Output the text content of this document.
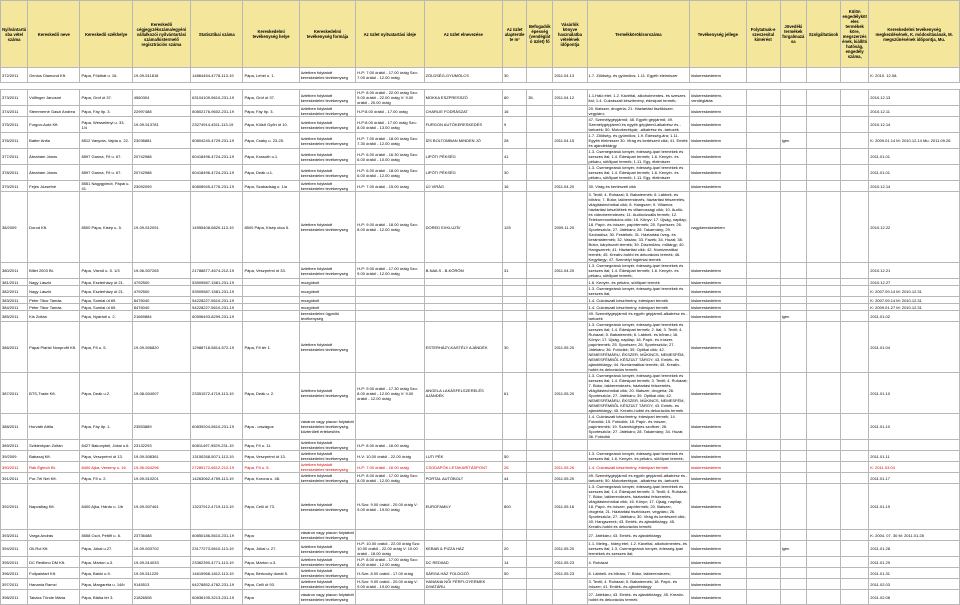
Nyilvántartásba vétel száma	Kereskedő neve	Kereskedő székhelye	Kereskedő cégjegyzékszáma/egyéni vállalkozói nyilvántartási száma/kistermelő regisztrációs száma	Statisztikai száma	Kereskedelmi tevékenység helye	Kereskedelmi tevékenység formája	Az üzlet nyitvatartási ideje	Az üzlet elnevezése	Az üzlet alapterülete m²	Befogadóképesség (vendéglátó üzlet) fő	Vásárlók könyve használatba vételének időpontja	Termékkörök/sorszáma	Tevékenység jellege	Folytatnak-e szeszesital kimérést	Jövedéki termékek forgalmazása	Szolgáltatások	Külön engedélyköteles termékek köre, megszerzésének, kiállító hatóság, engedély száma,	Kereskedelmi tevékenység megkezdésének, K. módosításának, M. megszűnésének időpontja, Mu.
372/2011	Genius Diamond Kft.	Pápa, Földhát u. 16.	19-09-511818	14864454-4778-113-19	Pápa, Lehel u. 1.	üzletben folytatott kereskedelmi tevékenység	H-P: 7:00 órától - 17.00 óráig Szo: 7.00 órától - 12.00 óráig	ZÖLDSÉG-GYÜMÖLCS	30		2011.04.13	1.7. Zöldség- és gyümölcs; 1.11. Egyéb élelmiszer	kiskereskedelem					K: 2010. 12.08.

373/2011	Vólfinger Jánosné	Pápa, Gróf út 37.	4560304	63104109-5610-231-19	Pápa, Gróf út 37.	üzletben folytatott kereskedelmi tevékenység	H-P: 8.00 órától - 22.00 óráig Szo: 9.00 órától - 22.00 óráig V: 9.00 órától - 20.00 óráig	MOKKA ESZPRESSZÓ	80	35.	2011.04.12	1.1.Háló étel; 1.2. Kávéital, alkoholmentes- és szeszes ital; 1.4. Cukrászati készítmény, édesipari termék;	kiskereskedelem, vendéglátás					2010.12.13
374/2011	Stemmerné Gaszi Andrea	Pápa, Fáy ltp. 3.	22997488	60802176-9602-231-19	Pápa, Fáy ltp. 3.	üzletben folytatott kereskedelmi tevékenység	H-P:8.00 órától - 17.00 óráig	CHARLIE FODRÁSZAT	16			20. Illatszer, drogéria; 21. Háztartási tisztítószer, vegyiáru;	kiskereskedelem					2010.12.11
375/2011	Furgon-Autó Kft.	Pápa, Wesselényi u. 33. 1/4	19-09-513781	23274914-4511-113-19	Pápa, Külső Győri út 10.	üzletben folytatott kereskedelmi tevékenység	H-P:8.00 órától - 17.00 óráig Szo: 8.00 órától - 13.00 óráig	FURGON AUTÓKERESKEDÉS	9			47. Személygépjármű; 48. Egyéb gépjármű; 49. Személygépjármű és egyéb gépjármű-alkatrész és -tartozék; 50. Motorkerékpár, -alkatrész és -tartozék	kiskereskedelem					2010.12.14
376/2011	Batter Anita	8512 Vanyola, Vajda u. 22.	23036881	60804240-4729-231-19	Pápa, Csáky u. 23-25.	üzletben folytatott kereskedelmi tevékenység	H-P: 7.00 órától - 18.00 óráig Szo: 7.30 órától - 12.00 óráig	ÍZS BOLTOMBAN MINDEN JÓ	28		2011.04.15	1.7. Zöldség- és gyümölcs; 1.9. Édesség-ára; 1.11. Egyéb élelmiszer 30. Virág és kertészeti cikk; 41. Emlék és ajándéktárgy	kiskereskedelem		igen			K: 2009.01.14 M: 2010.12.14 Mu: 2011.09.26
377/2011	Ábrahám János	8597 Ganna, Fő u. 67.	20742988	60418496-4724-231-19	Pápa, Kossuth u.1.	üzletben folytatott kereskedelmi tevékenység	H-P: 6.00 órától - 16.30 óráig Szo: 6.00 órától - 10.00 óráig	LIPÓTI PÉKSÉG	41			1.3. Csemegeáruk kenyér, édesség-ipari termékek és szeszes ital; 1.4. Édesipari termék; 1.6. Kenyér- és pékáru, sütőipari termék; 1.11. Egy. élelmiszer	kiskereskedelem					2011.01.01
378/2011	Ábrahám János	8597 Ganna, Fő u. 67.	20742988	60418496-4724-231-19	Pápa, Deák u.1.	üzletben folytatott kereskedelmi tevékenység	H-P: 6.00 órától - 18.00 óráig Szo: 6.00 órától - 12.00 óráig	LIPÓTI PÉKSÉG	30			1.3. Csemegeáruk kenyér, édesség-ipari termékek és szeszes ital; 1.4. Édesipari termék; 1.6. Kenyér- és pékáru, sütőipari termék; 1.11. Egy. élelmiszer	kiskereskedelem					2011.01.01
379/2011	Fejes Józsefné	8551 Nagygyimót, Pápai u. 41.	23092099	60808945-4776-231-19	Pápa, Szabadság u. 1/a	üzletben folytatott kereskedelmi tevékenység	H-P: 7.00 órától - 15.00 óráig	ÚJ VIRÁG	16		2011.04.20	30. Virág és kertészeti cikk	kiskereskedelem					2010.12.14
38/2009	Dorod Kft.	8500 Pápa, Kisép u. 5.	19-09-512091	14955408-6820-113-19	8500 Pápa, Kisép utca 5.	üzletben folytatott kereskedelmi tevékenység	H-P: 9.00 órától - 18.00 óráig Szo: 8.00 órától - 12.00 óráig	DORED EXKLUZÍV	125		2009.11.20	3. Textil; 4. Ruházat; 5. Babatermék; 6. Lábbeli- és bőráru; 7. Bútor, lakberendezés, háztartási felszerelés, világítástechnikai cikk; 8. Hangszer; 9. Villamos háztartási készülékek és villamossági cikk; 10. Audió- és videoberendezés; 11. Audiovizuális termék; 12. Telekommunikációs cikk; 16. Könyv; 17. Újság, napilap; 18. Papír- és írószer, papírtermék; 25. Sportszer; 26. Sporteszköz; 27. Játékáru; 28. Takarmány; 29. Szobadísz; 30. Festékek; 31. Háztartási üveg- és kerámiatermék; 32. Vasáru; 33. Fazék; 34. Huzal; 38. Bútor, kárpitozott termék; 39. Díszműáru, műtárgy; 40. Hangszerek; 41. Háztartási cikk; 42. Numizmatikai termék; 45. Kreatív-hobbi és dekorációs termék; 46. Kegytárgy; 47. Személyi higiéniai termék	nagykereskedelem					2010.12.22
380/2011	Billet 2003 Bt.	Pápa, Vismű u. 5. 1/3	19-06-507265	21788877-4674-212-19	Pápa, Veszprémi út 33.	üzletben folytatott kereskedelmi tevékenység	H-P: 9.00 órától - 17.00 óráig Szo: 9.00 órától - 12.00 óráig	B-NAILS - B-KÖRÖM	31		2011.04.20	1.3. Csemegeáruk kenyér, édesség-ipari termékek és szeszes ital; 1.4. Édesipari termék; 1.6. Kenyér- és pékáru, sütőipari termék;	kiskereskedelem					2010.12.21
381/2011	Nagy László	Pápa, Eszterházy út 21.	4792500	53909587-1581-231-19		mozgóbolt						1.6. Kenyér- és pékáru, sütőipari termék	kiskereskedelem					2010.12.27
382/2011	Nagy László	Pápa, Eszterházy út 21.	4792500	53909587-1581-231-19		mozgóbolt						1.3. Csemegeáruk kenyér, édesség-ipari termékek és szeszes ital;	kiskereskedelem					K: 2007.09.14 M: 2010.12.31
383/2011	Péter Tibor Tamás	Pápa, Somlai út 69.	8476040	54228227-5610-231-19		mozgóbolt						1.4. Cukrászati készítmény, édesipari termék	kiskereskedelem					K: 2007.09.14 M: 2010.12.31
384/2011	Péter Tibor Tamás	Pápa, Somlai út 69.	8476040	54228227-5610-231-19		mozgóbolt						1.4. Cukrászati készítmény, édesipari termék	kiskereskedelem					K: 2009.01.27 M: 2010.12.31
385/2011	Kis Zoltán	Pápa, Nyárádi u. 2.	21669884	60596493-8299-231-19		kereskedelmi ügynöki tevékenység						49. Személygépjármű és egyéb gépjármű-alkatrész és -tartozék	kiskereskedelem		igen			2011.01.02
386/2011	Pápai Piarist Nonprofit Kft.	Pápa, Fő u. 5.	19-09-506820	12988718-5814-572-19	Pápa, Fő tér 1.	üzletben folytatott kereskedelmi tevékenység		ESTERHÁZY-KASTÉLY AJÁNDÉK	30		2011.05.20	1.3. Csemegeáruk kenyér, édesség-ipari termékek és szeszes ital; 1.4. Édesipari termék; 2. Ital; 3. Textil; 4. Ruházat; 5. Babatermék; 6. Lábbeli- és bőráru; 16. Könyv; 17. Újság, napilap; 18. Papír- és írószer, papírtermék; 25. Sportszer; 26. Sporteszköz; 27. Játékáru; 36. Fotócikk; 39. Optikai cikk; 42. NEMESFÉMÁRU, ÉKSZER, MŰKINCS, NEMESFÉM, NEMESFÉMBŐL KÉSZÜLT TÁRGY; 43. Emlék- és ajándéktárgy; 44. Numizmatikai termék; 45. Kreatív-hobbi és dekorációs termék	kiskereskedelem					2011.01.04
387/2011	BTS-Trade Kft.	Pápa, Deák u.2.	19-08-504007	23351572-4719-113-19	Pápa, Deák u. 2.	üzletben folytatott kereskedelmi tevékenység	H-P: 9.00 órától - 17.30 óráig Szo: 8.00 órától - 12.00 óráig V: 9.00 órától - 12.00 óráig	ANGELA LAKÁSFELSZERELÉS AJÁNDÉK	61		2011.05.20	1.3. Csemegeáruk kenyér, édesség-ipari termékek és szeszes ital; 1.4. Édesipari termék; 3. Textil; 4. Ruházat; 7. Bútor, lakberendezés, háztartási felszerelés, világítástechnikai cikk; 20. Illatszer, drogéria; 26. Sporteszköz; 27. Játékáru; 39. Optikai cikk; 42. NEMESFÉMÁRU, ÉKSZER, MŰKINCS, NEMESFÉM, NEMESFÉMBŐL KÉSZÜLT TÁRGY; 43. Emlék- és ajándéktárgy; 45. Kreatív-hobbi és dekorációs termék	kiskereskedelem					2011.01.10
388/2011	Horváth Attila	Pápa, Fáy ltp. 1.	23553889	60839204-5610-231-19	Pápa - országos	vásáron vagy piacon folytatott kereskedelmi tevékenység, közterületi értékesítés						1.4. Cukrászati készítmény, édesipari termék; 14. Fotócikk; 15. Fotócikk; 18. Papír- és írószer, papírtermék; 19. Számítógépes szoftver; 26. Sporteszköz; 27. Játékáru; 28. Takarmány; 34. Huzal; 36. Fotócikk	kiskereskedelem					2011.01.10
389/2011	Sziklenkyan Zoltán	8427 Bakonybél, Jókai u.6.	23132293	60811497-9529-231-19	Pápa, Fő u. 11.	üzletben folytatott kereskedelmi tevékenység	H-P: 8.00 órától - 16.00 óráig						kiskereskedelem					
39/2009	Babaxaj Kft.	Pápa, Veszprémi út 13.	19-09-508361	13150268-5071-113-19	Pápa, Veszprémi út 13.	üzletben folytatott kereskedelmi tevékenység	H-V: 10.00 órától - 22.00 óráig	LUTI PÉK	50			1.3. Csemegeáruk kenyér, édesség-ipari termékek és szeszes ital; 1.6. Kenyér- és pékáru, sütőipari termék;	kiskereskedelem					2011.01.11
390/2011	Rák Égtech Bt.	8400 Ajka, Verseny u. 16	19-06-504296	27289172-6612-212-19	Pápa, Fő u. 5.	üzletben folytatott kereskedelmi tevékenység	H-P: 7.00 órától - 16.00 óráig	CSODAPÓK LETAKARÍTÁSPONT	26		2011.05.26	1.4. Cukrászati készítmény, édesipari termék	kiskereskedelem					K: 2011.03.04
391/2011	Por-Tél Net Kft.	Pápa, Fő u. 2.	19-09-510201	14263062-4759-113-19	Pápa, Korona u. 48.	üzletben folytatott kereskedelmi tevékenység	H-P: 8.00 órától - 17.00 óráig Szo: 8.00 órától - 12.00 óráig	PORTAL AUTÓBOLT	44		2011.05.20	49. Személygépjármű és egyéb gépjármű-alkatrész és -tartozék; 50. Motorkerékpár, -alkatrész és -tartozék	kiskereskedelem					2011.01.17
392/2011	Napcsillag Kft.	8400 Ajka, Hárdu u. 1/b	19-09-507461	13237912-4719-113-19	Pápa, Celli út 73.	üzletben folytatott kereskedelmi tevékenység	H-Szo: 9.00 órától - 20.00 óráig V: 9.00 órától - 19.00 óráig	EUROFAMILY	800		2011.05.16	1.3. Csemegeáruk kenyér, édesség-ipari termékek és szeszes ital; 1.4. Édesipari termék; 3. Textil; 4. Ruházat; 7. Bútor, lakberendezés, háztartási felszerelés, világítástechnikai cikk; 16. Könyv; 17. Újság, napilap; 18. Papír- és írószer, papírtermék; 20. Illatszer, drogéria; 21. Háztartási tisztítószer, vegyiáru; 26. Sporteszköz; 27. Játékáru; 30. Virág és kertészeti cikk; 40. Hangszerek; 43. Emlék- és ajándéktárgy; 45. Kreatív-hobbi és dekorációs termék	kiskereskedelem					2011.01.19
393/2011	Varga András	8558 Csót, Petőfi u. 6.	23736488	60850186-5610-231-19	Pápa	vásáron vagy piacon folytatott kereskedelmi tevékenység						27. Játékáru; 43. Emlék- és ajándéktárgy	kiskereskedelem					K: 2004. 07. 30 M: 2011.01.28
394/2011	Oli-Rol Kft.	Pápa, Jókai u.27.	19-09-503702	23177273-5610-113-19	Pápa, Jókai u. 27.	üzletben folytatott kereskedelmi tevékenység	H-P: 10.00 órától - 22.00 óráig Szo: 10.00 órától - 22.00 óráig V: 10.00 órától - 18.00 óráig	KEBAB & PIZZA HÁZ	20		2011.05.20	1.1. Meleg-, hideg étel; 1.2. Kávéital, alkoholmentes- és szeszes ital; 1.3. Csemegeáruk kenyér, édesség-ipari termékek és szeszes ital;	kiskereskedelem		igen			2011.01.28
395/2011	DC Rediimo DM Kft.	Pápa, Márton u.3.	19-09-514033	23362390-4771-113-19	Pápa, Márton u.3.	üzletben folytatott kereskedelmi tevékenység	H-P: 8.00 órától - 17.00 óráig Szo: 8.00 órától - 12.00 óráig	DC REDIIAD	14		2011.05.23	4. Ruházat	kiskereskedelem					2011.01.29
396/2011	Fullpaintart Kft.	Pápa, Bánki u.9.	19-09-511229	14615968-1812-113-19	Pápa, Bérkocky donát 5.	üzletben folytatott kereskedelmi tevékenység	H-Sze: 8.00 órától - 17.00 óráig	SÁRGA HÁZ FOLDOZÓ	50		2011.05.23	6. Lábbeli- és bőráru; 7. Bútor, lakberendezés;	kiskereskedelem					2011.01.31
397/2011	Hanania Ramzi	Pápa, Margaréta u. 14/b	9145513	64278852-4782-231-19	Pápa, Celli út 93.	üzletben folytatott kereskedelmi tevékenység	H-Szo: 9.00 órától - 20.00 óráig V: 9.00 órától - 19.00 óráig	HANANIA NŐI FÉRFI-GYERMEK DIVATÁRU				3. Textil; 4. Ruházat; 5. Babatermék; 18. Papír- és írószer; 41. Emlék- és ajándéktárgy	kiskereskedelem					2011.02.03
398/2011	Takács Tünde Mária	Pápa, Bláha tér 3.	21826508	60836195-3213-231-19	Pápa	vásáron vagy piacon folytatott kereskedelmi tevékenység						27. Játékáru; 43. Emlék- és ajándéktárgy; 45. Kreatív-hobbi és dekorációs termék	kiskereskedelem					2011.02.08
